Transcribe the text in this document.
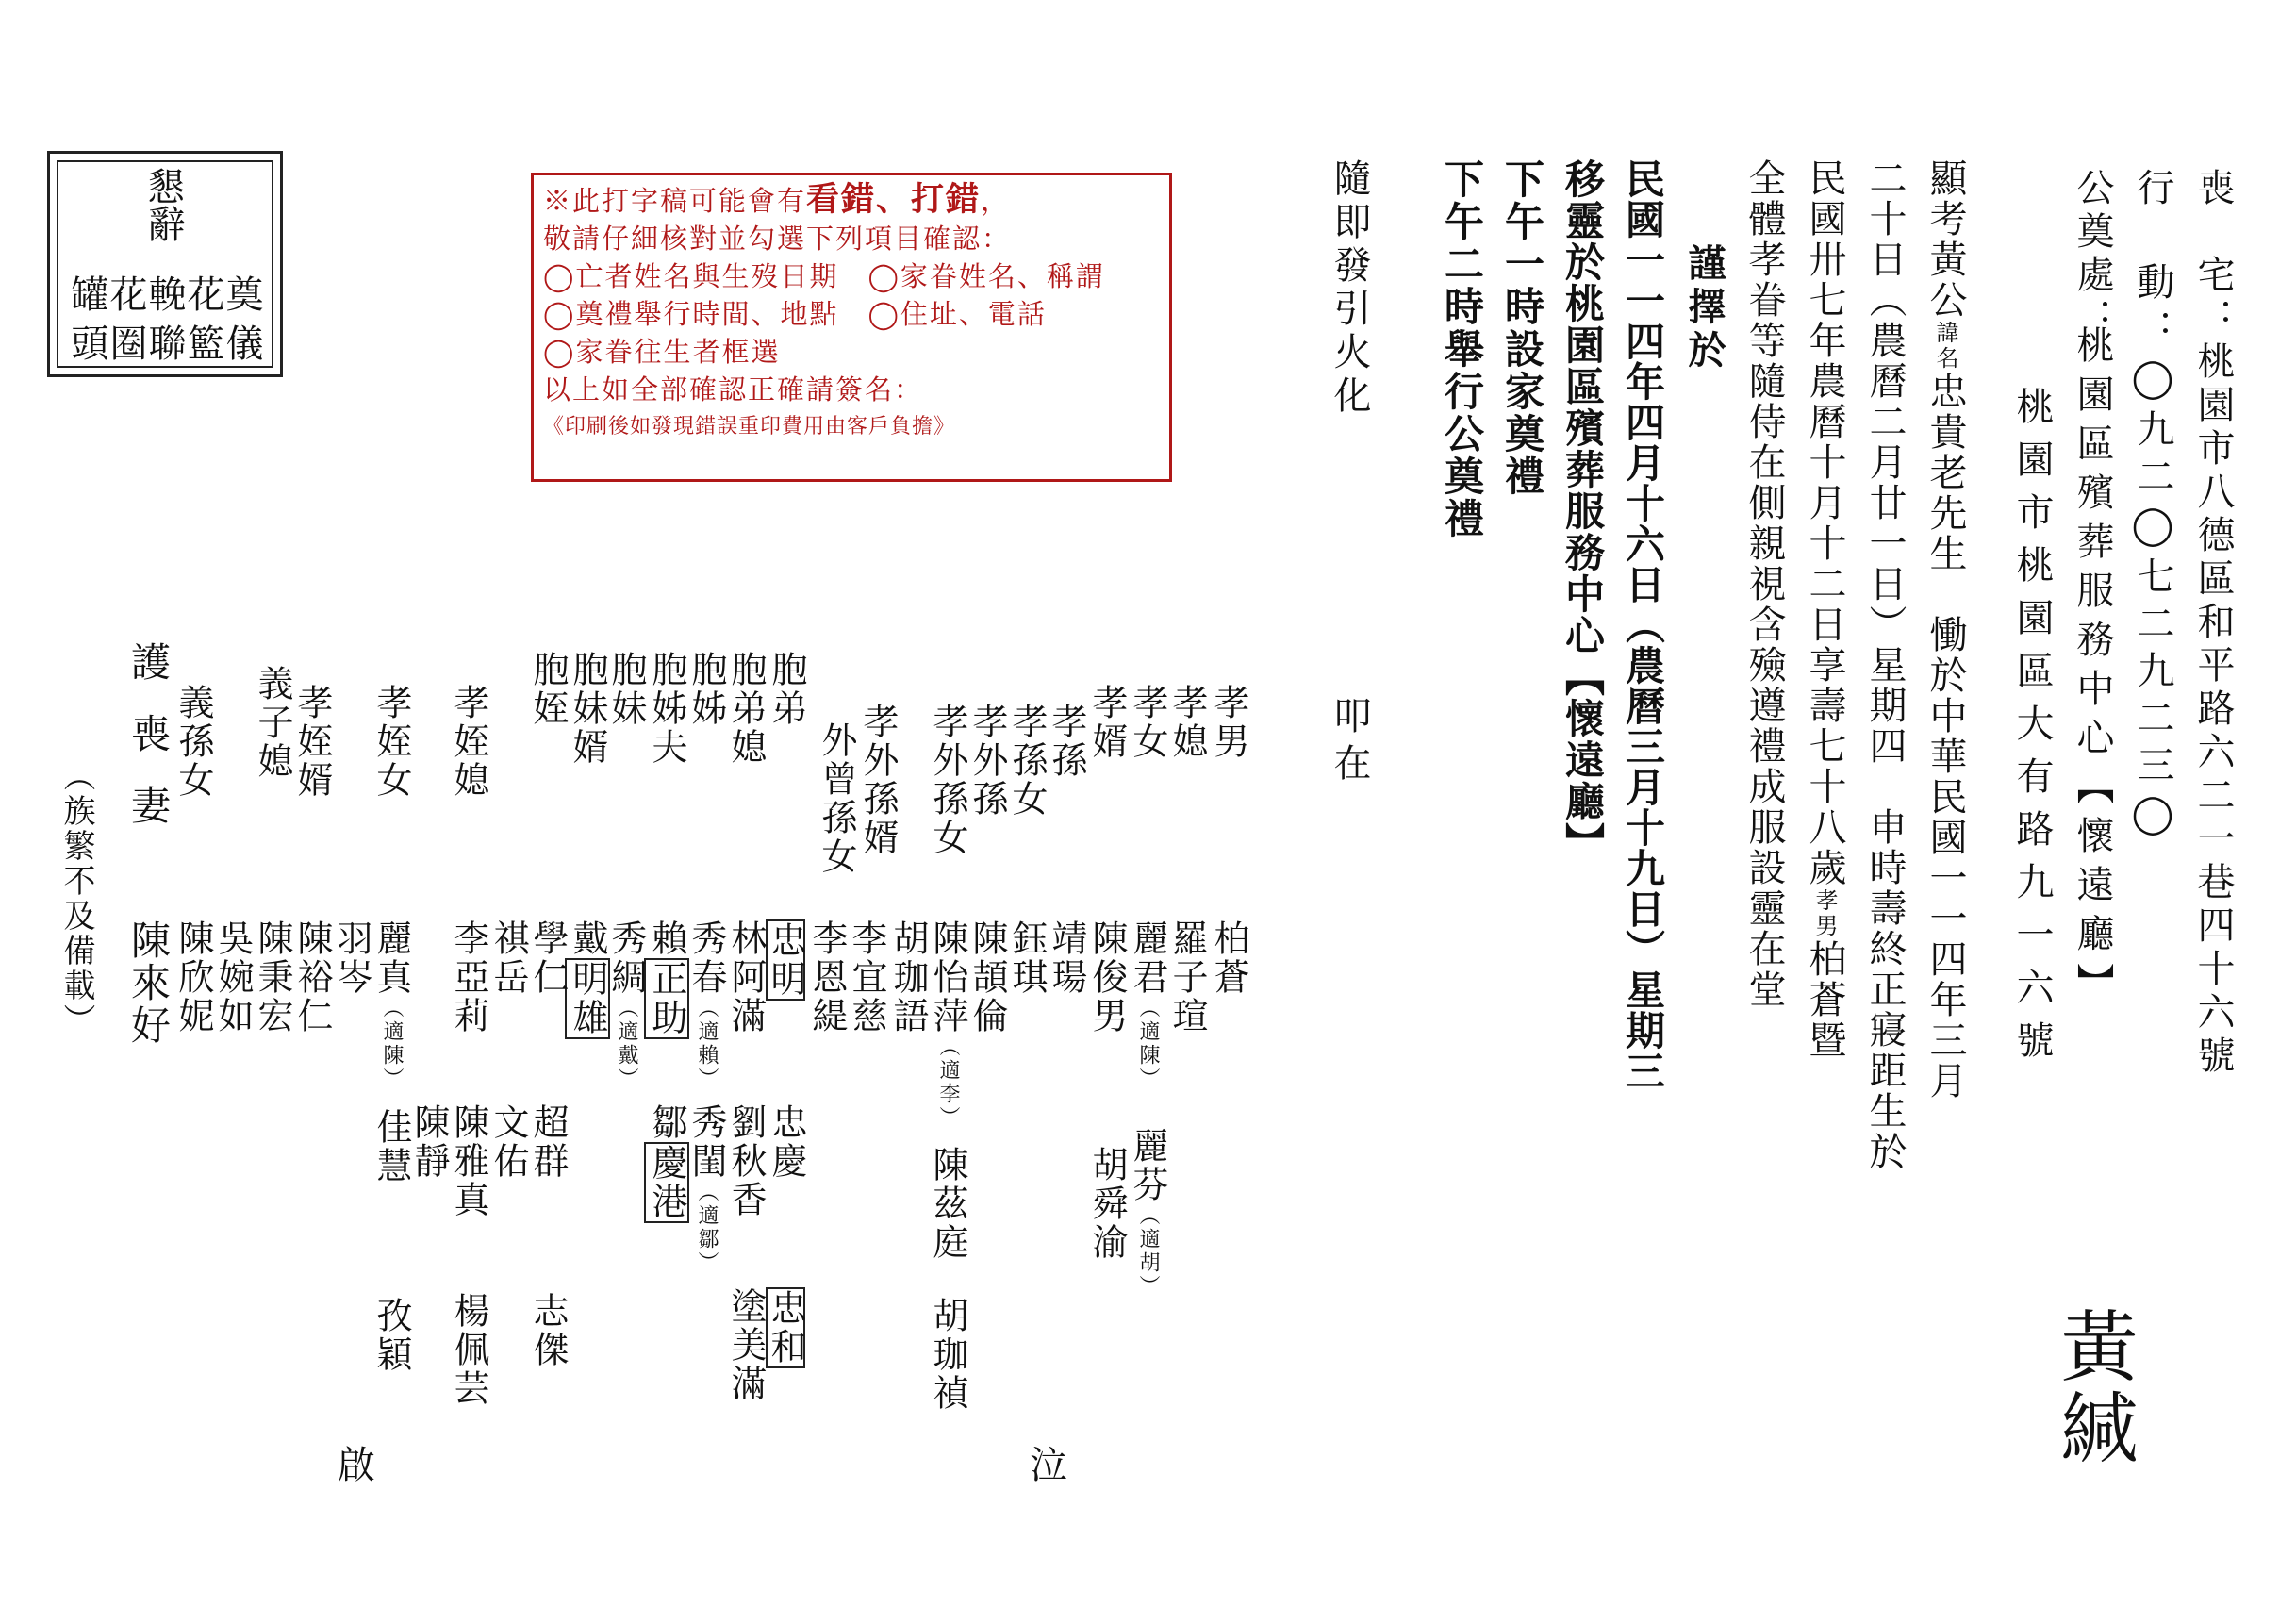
懇辭
罐花輓花奠
頭圈聯籃儀
※此打字稿可能會有看錯、打錯，
敬請仔細核對並勾選下列項目確認：
◯亡者姓名與生歿日期　◯家眷姓名、稱謂
◯奠禮舉行時間、地點　◯住址、電話
◯家眷往生者框選
以上如全部確認正確請簽名：
《印刷後如發現錯誤重印費用由客戶負擔》	喪　宅：桃園市八德區和平路六二一巷四十六號
行　動：◯九二◯七二九二三◯
公奠處：
桃園區殯葬服務中心【懷遠廳】
桃園市桃園區大有路九一六號
黃緘
顯考黃公諱名忠貴老先生　慟於中華民國一一四年三月
二十日︵農曆二月廿一日︶星期四　申時壽終正寢距生於
民國卅七年農曆十月十二日享壽七十八歲孝男柏蒼暨
全體孝眷等隨侍在側親視含殮遵禮成服設靈在堂
謹擇於
民國一一四年四月十六日︵農曆三月十九日︶星期三
移靈於桃園區殯葬服務中心【懷遠廳】
下午一時設家奠禮
下午二時舉行公奠禮
隨即發引火化
叩在
孝男
柏蒼
孝媳
羅子瑄
孝女
麗君︵適陳︶
麗芬︵適胡︶
孝婿
陳俊男
胡舜渝
孝孫
靖瑒
孝孫女
鈺琪
孝外孫
陳頡倫
孝外孫女
陳怡萍︵適李︶
陳茲庭
胡珈禎
孝外孫婿
胡珈語
外曾孫女
李宜慈
李恩緹
胞弟
忠明
忠慶
忠和
胞弟媳
林阿滿
劉秋香
塗美滿
胞姊
秀春︵適賴︶
秀閨︵適鄒︶
胞姊夫
賴正助
鄒慶港
胞妹
秀綢︵適戴︶
胞妹婿
戴明雄
胞姪
學仁
超群
志傑
祺岳
文佑
孝姪媳
李亞莉
陳雅真
楊佩芸
陳靜
孝姪女
麗真︵適陳︶
佳慧
孜穎
孝姪婿
陳裕仁
羽岑
義子媳
陳秉宏
吳婉如
義孫女
陳欣妮
護喪妻
陳來好
︵族繁不及備載︶
啟	泣
